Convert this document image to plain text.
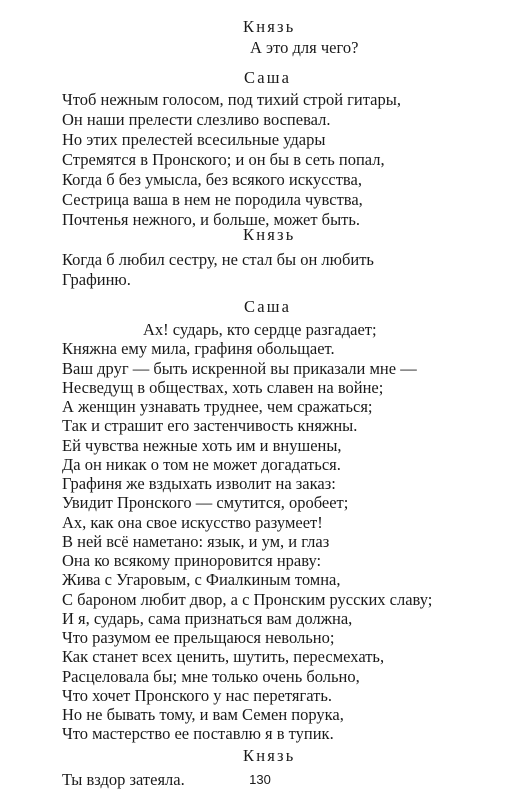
Князь
А это для чего?
Саша
Чтоб нежным голосом, под тихий строй гитары,
Он наши прелести слезливо воспевал.
Но этих прелестей всесильные удары
Стремятся в Пронского; и он бы в сеть попал,
Когда б без умысла, без всякого искусства,
Сестрица ваша в нем не породила чувства,
Почтенья нежного, и больше, может быть.
Князь
Когда б любил сестру, не стал бы он любить
Графиню.
Саша
Ах! сударь, кто сердце разгадает;
Княжна ему мила, графиня обольщает.
Ваш друг — быть искренной вы приказали мне —
Несведущ в обществах, хоть славен на войне;
А женщин узнавать труднее, чем сражаться;
Так и страшит его застенчивость княжны.
Ей чувства нежные хоть им и внушены,
Да он никак о том не может догадаться.
Графиня же вздыхать изволит на заказ:
Увидит Пронского — смутится, оробеет;
Ах, как она свое искусство разумеет!
В ней всё наметано: язык, и ум, и глаз
Она ко всякому приноровится нраву:
Жива с Угаровым, с Фиалкиным томна,
С бароном любит двор, а с Пронским русских славу;
И я, сударь, сама признаться вам должна,
Что разумом ее прельщаюся невольно;
Как станет всех ценить, шутить, пересмехать,
Расцеловала бы; мне только очень больно,
Что хочет Пронского у нас перетягать.
Но не бывать тому, и вам Семен порука,
Что мастерство ее поставлю я в тупик.
Князь
Ты вздор затеяла.	130
